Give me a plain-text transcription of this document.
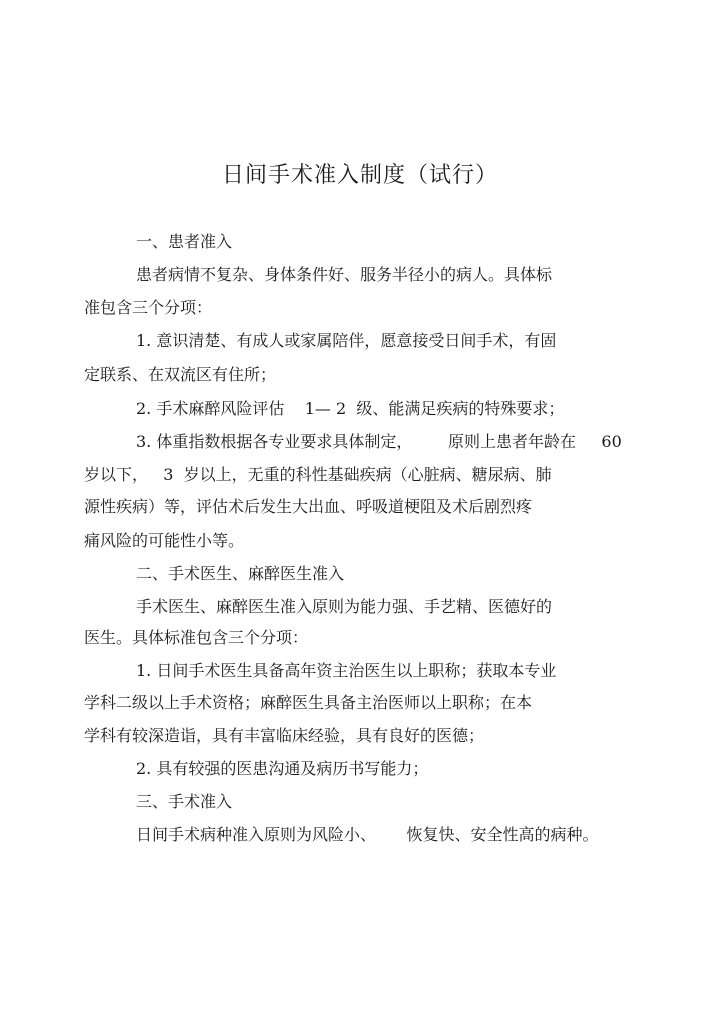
日间手术准入制度（试行）
一、患者准入
患者病情不复杂、身体条件好、服务半径小的病人。具体标
准包含三个分项：
1. 意识清楚、有成人或家属陪伴，愿意接受日间手术，有固
定联系、在双流区有住所；
2. 手术麻醉风险评估    1— 2  级、能满足疾病的特殊要求；
3. 体重指数根据各专业要求具体制定，       原则上患者年龄在     60
岁以下，   3  岁以上，无重的科性基础疾病（心脏病、糖尿病、肺
源性疾病）等，评估术后发生大出血、呼吸道梗阻及术后剧烈疼
痛风险的可能性小等。
二、手术医生、麻醉医生准入
手术医生、麻醉医生准入原则为能力强、手艺精、医德好的
医生。具体标准包含三个分项：
1. 日间手术医生具备高年资主治医生以上职称；获取本专业
学科二级以上手术资格；麻醉医生具备主治医师以上职称；在本
学科有较深造诣，具有丰富临床经验，具有良好的医德；
2. 具有较强的医患沟通及病历书写能力；
三、手术准入
日间手术病种准入原则为风险小、      恢复快、安全性高的病种。
